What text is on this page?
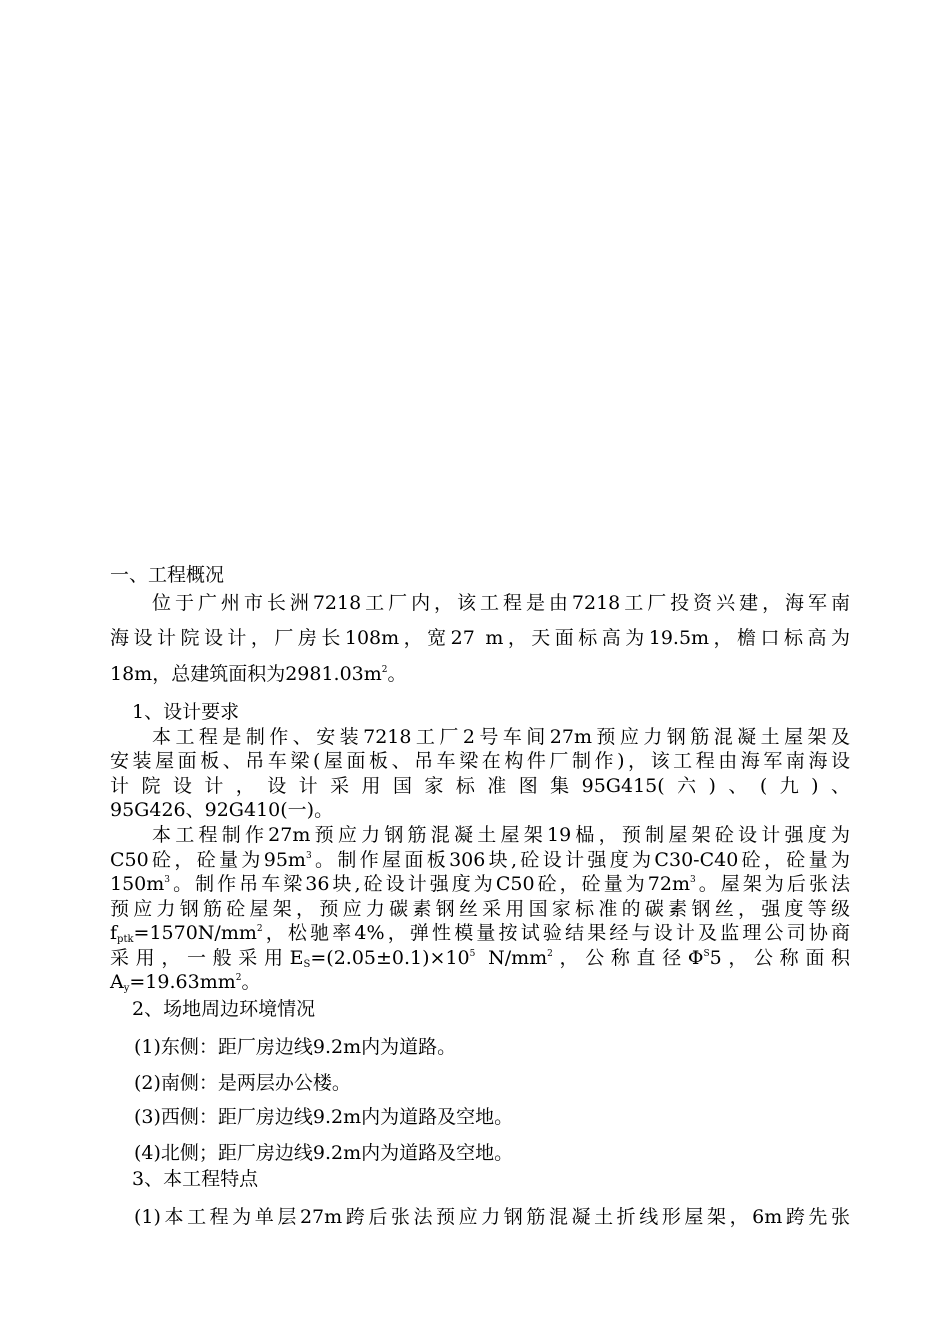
一、工程概况
位于广州市长洲7218工厂内，该工程是由7218工厂投资兴建，海军南
海设计院设计，厂房长108m，宽27 m，天面标高为19.5m，檐口标高为
18m，总建筑面积为$2981.03m^2$。
1、设计要求
本工程是制作、安装7218工厂2号车间27m预应力钢筋混凝土屋架及
安装屋面板、吊车梁(屋面板、吊车梁在构件厂制作)，该工程由海军南海设
计院设计，设计采用国家标准图集95G415(六)、(九)、
95G426、92G410(一)。
本工程制作27m预应力钢筋混凝土屋架19榀，预制屋架砼设计强度为
C50砼，砼量为$95m^3$。制作屋面板306块,砼设计强度为C30-C40砼，砼量为
$150m^3$。制作吊车梁36块,砼设计强度为C50砼，砼量为$72m^3$。屋架为后张法
预应力钢筋砼屋架，预应力碳素钢丝采用国家标准的碳素钢丝，强度等级
$f_{ptk}=1570N/mm^2$，松驰率4%，弹性模量按试验结果经与设计及监理公司协商
采用，一般采用$E_S=(2.05\pm 0.1)\times 10^5$ $N/mm^2$，公称直径$\Phi^S5$，公称面积
$A_y=19.63mm^2$。
2、场地周边环境情况
(1)东侧：距厂房边线9.2m内为道路。
(2)南侧：是两层办公楼。
(3)西侧：距厂房边线9.2m内为道路及空地。
(4)北侧；距厂房边线9.2m内为道路及空地。
3、本工程特点
(1)本工程为单层27m跨后张法预应力钢筋混凝土折线形屋架，6m跨先张
